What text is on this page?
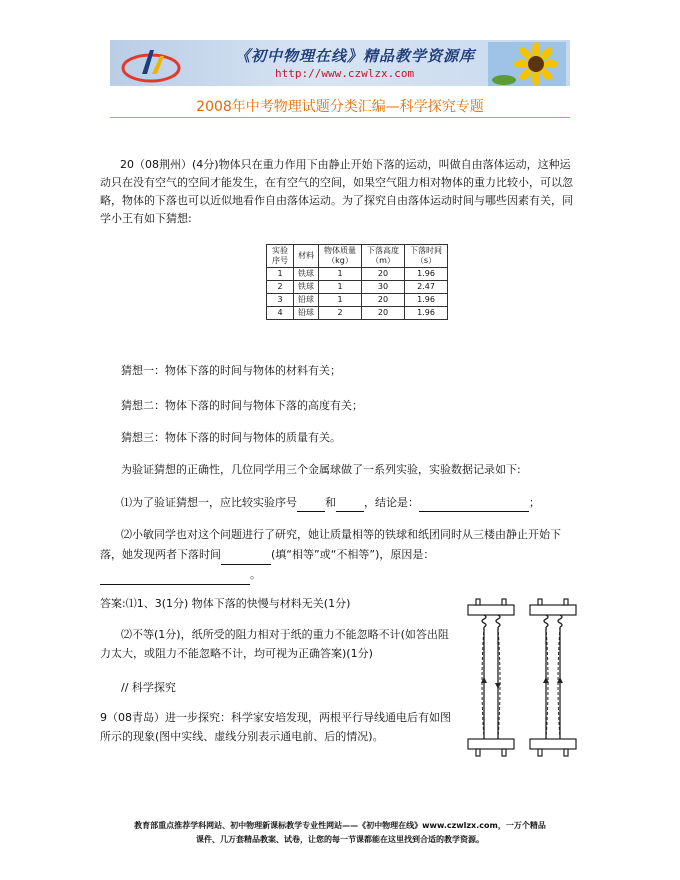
《初中物理在线》精品教学资源库
http://www.czwlzx.com
2008年中考物理试题分类汇编—科学探究专题
20（08荆州）(4分)物体只在重力作用下由静止开始下落的运动，叫做自由落体运动，这种运动只在没有空气的空间才能发生，在有空气的空间，如果空气阻力相对物体的重力比较小，可以忽略，物体的下落也可以近似地看作自由落体运动。为了探究自由落体运动时间与哪些因素有关，同学小王有如下猜想:
实验序号	材料	物体质量（kg）	下落高度（m）	下落时间（s）
1	铁球	1	20	1.96
2	铁球	1	30	2.47
3	铅球	1	20	1.96
4	铅球	2	20	1.96
猜想一：物体下落的时间与物体的材料有关；
猜想二：物体下落的时间与物体下落的高度有关；
猜想三：物体下落的时间与物体的质量有关。
为验证猜想的正确性，几位同学用三个金属球做了一系列实验，实验数据记录如下:
⑴为了验证猜想一，应比较实验序号	和	，结论是：	；
⑵小敏同学也对这个问题进行了研究，她让质量相等的铁球和纸团同时从三楼由静止开始下落，她发现两者下落时间	(填“相等”或“不相等”)，原因是：。
答案:⑴1、3(1分) 物体下落的快慢与材料无关(1分)
⑵不等(1分)，纸所受的阻力相对于纸的重力不能忽略不计(如答出阻力太大，或阻力不能忽略不计，均可视为正确答案)(1分)
// 科学探究
9（08青岛）进一步探究：科学家安培发现，两根平行导线通电后有如图所示的现象(图中实线、虚线分别表示通电前、后的情况)。
教育部重点推荐学科网站、初中物理新课标教学专业性网站——《初中物理在线》www.czwlzx.com，一万个精品
课件、几万套精品教案、试卷，让您的每一节课都能在这里找到合适的教学资源。
